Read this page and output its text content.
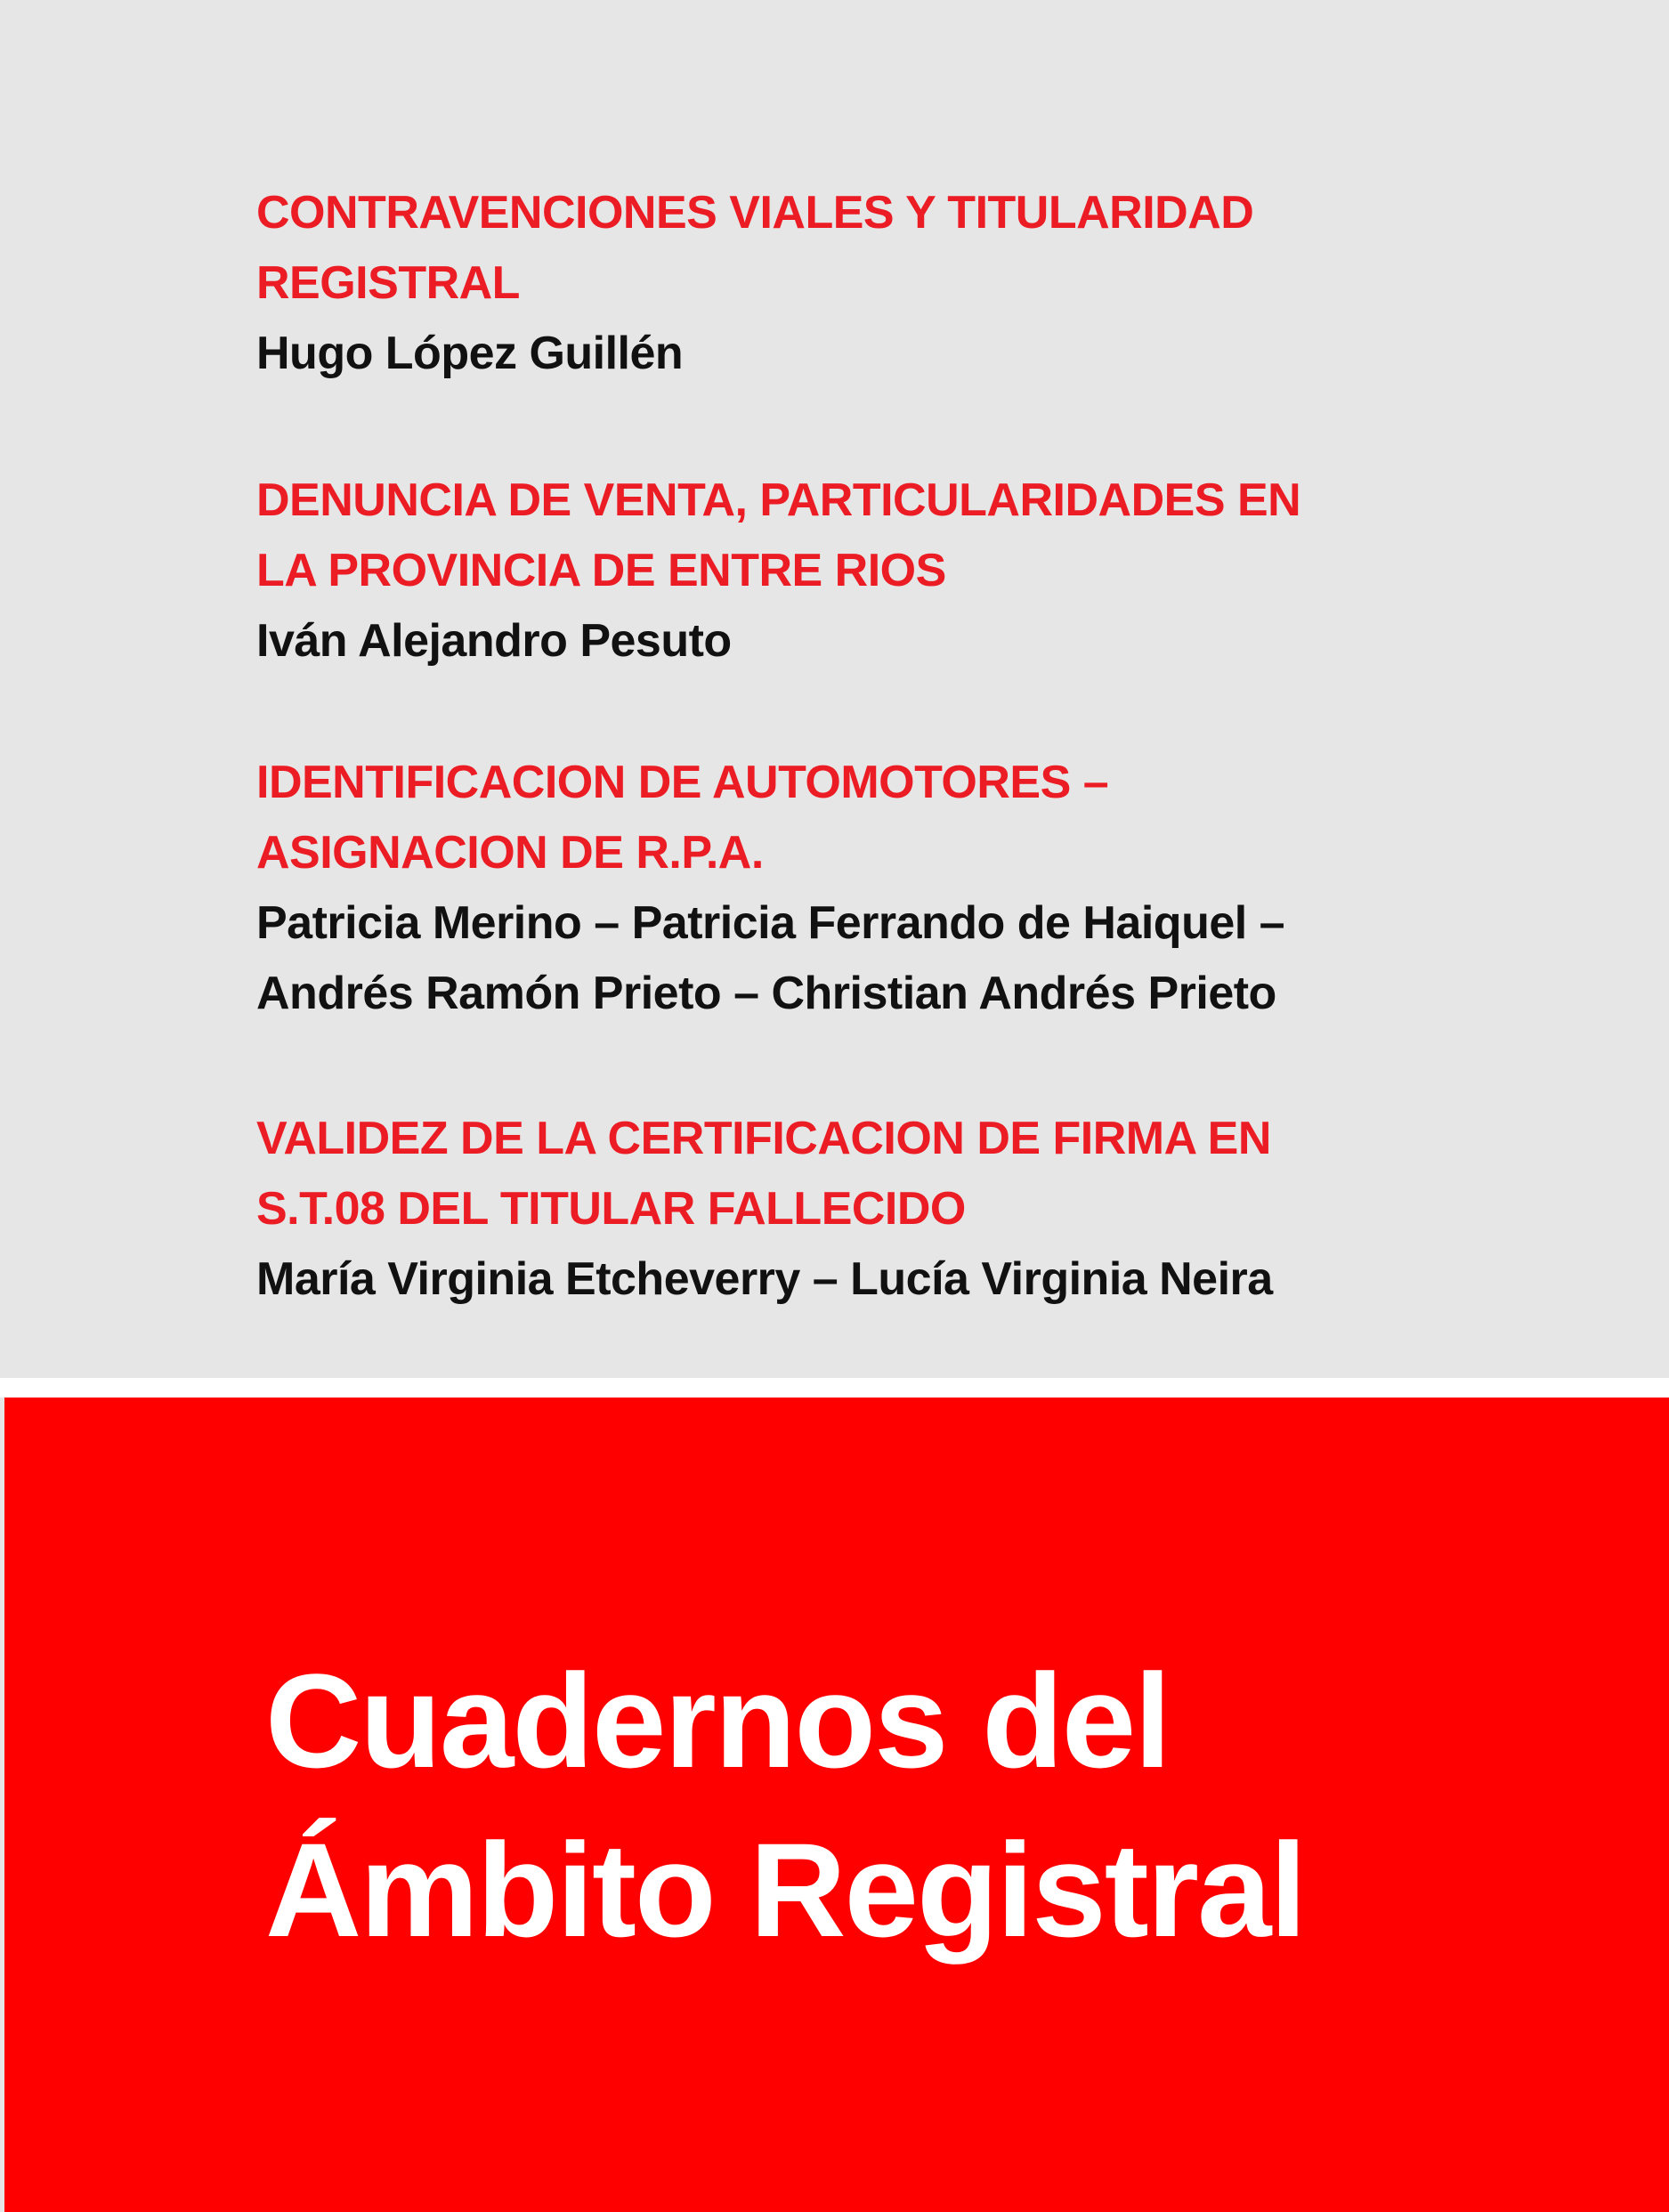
CONTRAVENCIONES VIALES Y TITULARIDAD
REGISTRAL

Hugo López Guillén

DENUNCIA DE VENTA, PARTICULARIDADES EN
LA PROVINCIA DE ENTRE RIOS

Iván Alejandro Pesuto

IDENTIFICACION DE AUTOMOTORES –
ASIGNACION DE R.P.A.

Patricia Merino – Patricia Ferrando de Haiquel –
Andrés Ramón Prieto – Christian Andrés Prieto

VALIDEZ DE LA CERTIFICACION DE FIRMA EN
S.T.08 DEL TITULAR FALLECIDO

María Virginia Etcheverry – Lucía Virginia Neira

Cuadernos del
Ámbito Registral
